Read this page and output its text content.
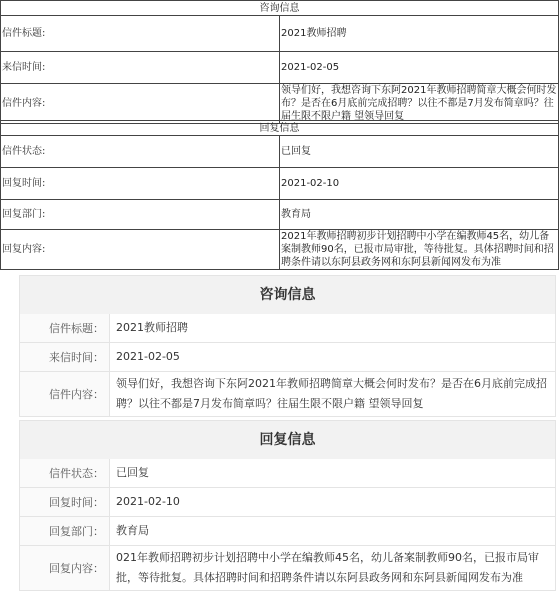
咨询信息	
信件标题:	2021教师招聘
来信时间:	2021-02-05
信件内容:	领导们好，我想咨询下东阿2021年教师招聘简章大概会何时发布？是否在6月底前完成招聘？以往不都是7月发布简章吗？往届生限不限户籍 望领导回复
回复信息	
信件状态:	已回复
回复时间:	2021-02-10
回复部门:	教育局
回复内容:	2021年教师招聘初步计划招聘中小学在编教师45名，幼儿备案制教师90名，已报市局审批，等待批复。具体招聘时间和招聘条件请以东阿县政务网和东阿县新闻网发布为准
咨询信息
信件标题：	2021教师招聘
来信时间：	2021-02-05
信件内容：
领导们好，我想咨询下东阿2021年教师招聘简章大概会何时发布？是否在6月底前完成招聘？以往不都是7月发布简章吗？往届生限不限户籍 望领导回复
回复信息
信件状态：	已回复
回复时间：	2021-02-10
回复部门：	教育局
回复内容：
021年教师招聘初步计划招聘中小学在编教师45名，幼儿备案制教师90名，已报市局审批，等待批复。具体招聘时间和招聘条件请以东阿县政务网和东阿县新闻网发布为准
